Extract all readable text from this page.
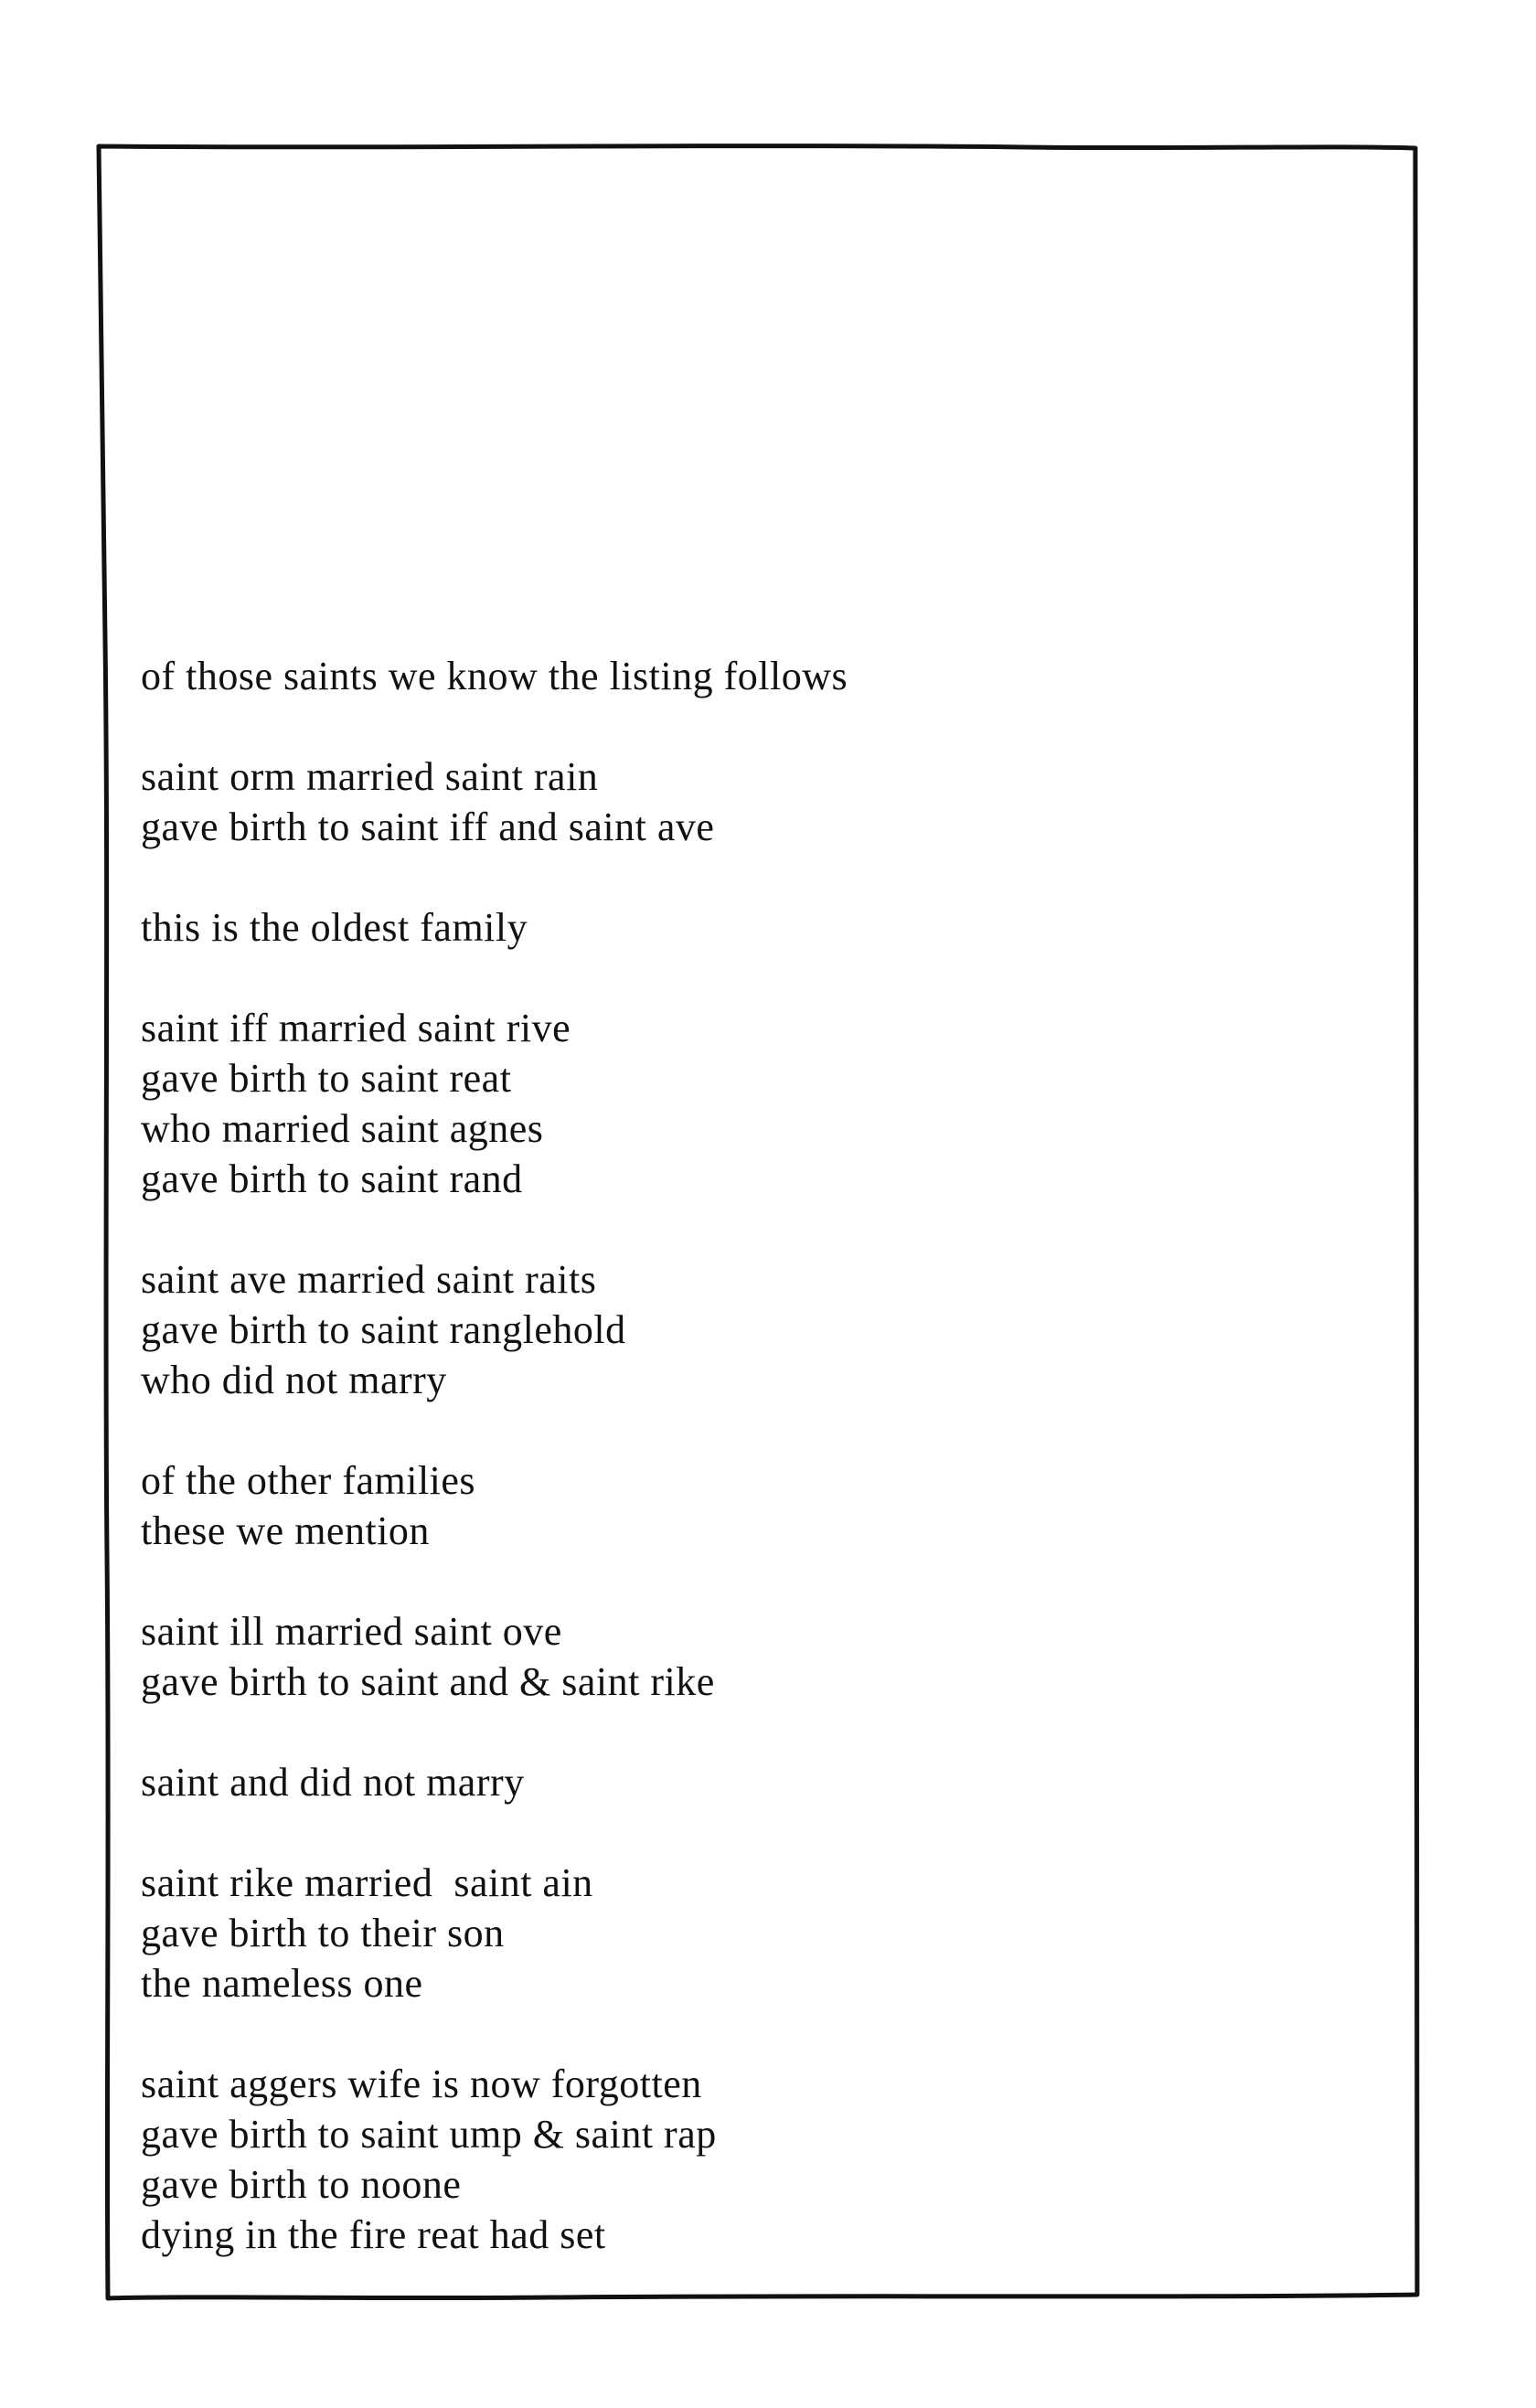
of those saints we know the listing follows
saint orm married saint rain
gave birth to saint iff and saint ave
this is the oldest family
saint iff married saint rive
gave birth to saint reat
who married saint agnes
gave birth to saint rand
saint ave married saint raits
gave birth to saint ranglehold
who did not marry
of the other families
these we mention
saint ill married saint ove
gave birth to saint and & saint rike
saint and did not marry
saint rike married  saint ain
gave birth to their son
the nameless one
saint aggers wife is now forgotten
gave birth to saint ump & saint rap
gave birth to noone
dying in the fire reat had set
